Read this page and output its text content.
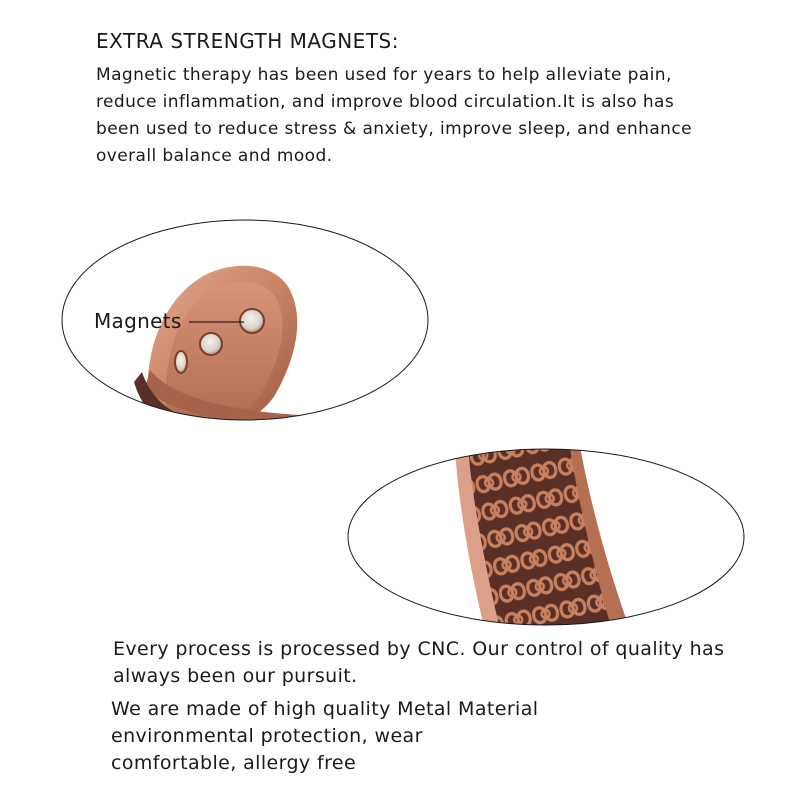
EXTRA STRENGTH MAGNETS:

Magnetic therapy has been used for years to help alleviate pain,
reduce inflammation, and improve blood circulation.It is also has
been used to reduce stress & anxiety, improve sleep, and enhance
overall balance and mood.

Magnets

Every process is processed by CNC. Our control of quality has
always been our pursuit.

We are made of high quality Metal Material
environmental protection, wear
comfortable, allergy free
